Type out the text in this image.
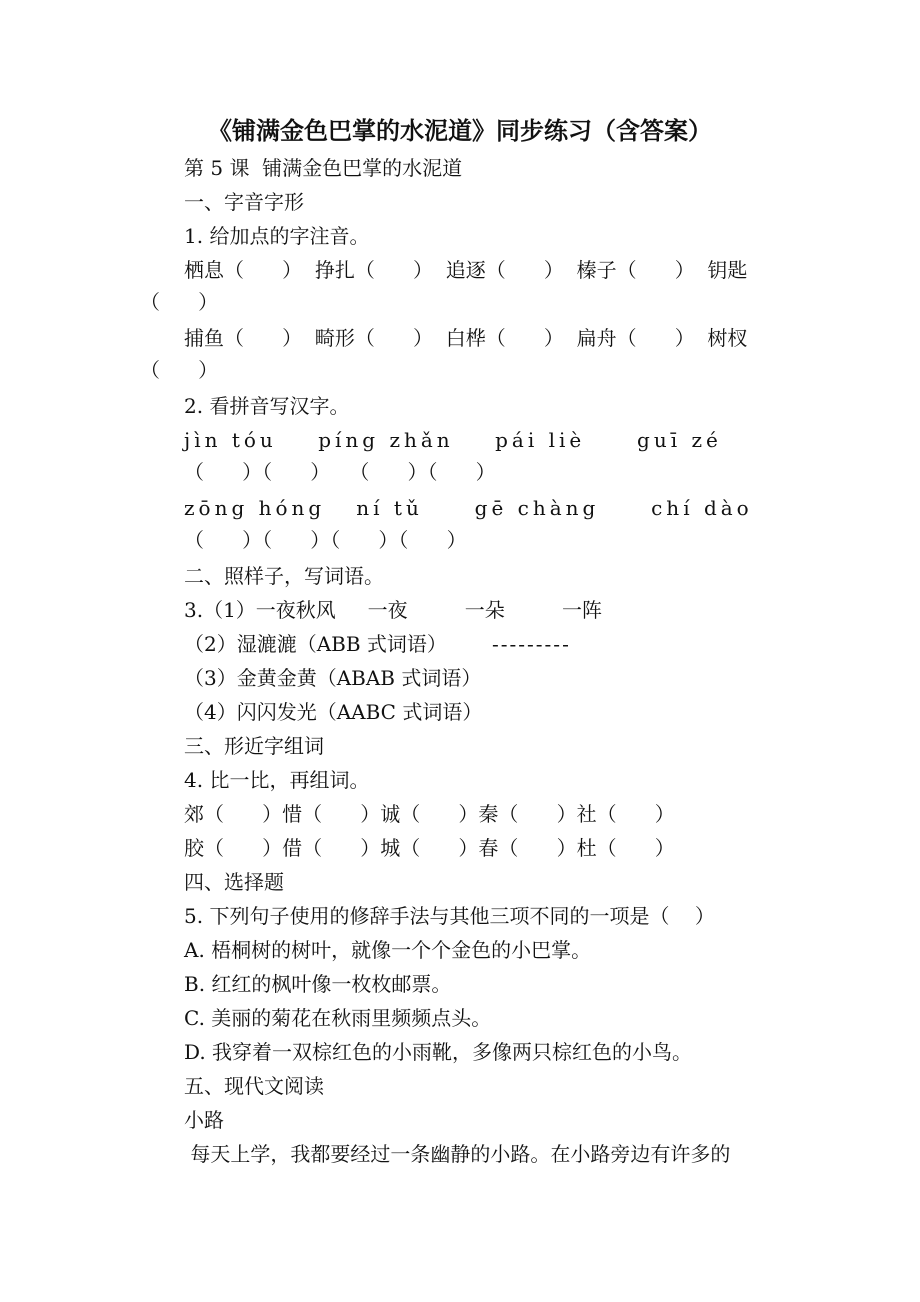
《铺满金色巴掌的水泥道》同步练习（含答案）
第 5 课  铺满金色巴掌的水泥道
一、字音字形
1. 给加点的字注音。
栖息（      ）  挣扎（      ）  追逐（      ）  榛子（      ）  钥匙
（      ）
捕鱼（      ）  畸形（      ）  白桦（      ）  扁舟（      ）  树杈
（      ）
2. 看拼音写汉字。
jìn tóu    píng zhǎn    pái liè     guī zé
（      ）（      ）   （      ）（      ）
zōng hóng   ní tǔ     gē chàng     chí dào
（      ）（      ）（      ）（      ）
二、照样子，写词语。
3.（1）一夜秋风     一夜         一朵         一阵
（2）湿漉漉（ABB 式词语） ---------
（3）金黄金黄（ABAB 式词语）
（4）闪闪发光（AABC 式词语）
三、形近字组词
4. 比一比，再组词。
郊（      ）惜（      ）诚（      ）秦（      ）社（      ）
胶（      ）借（      ）城（      ）春（      ）杜（      ）
四、选择题
5. 下列句子使用的修辞手法与其他三项不同的一项是（    ）
A. 梧桐树的树叶，就像一个个金色的小巴掌。
B. 红红的枫叶像一枚枚邮票。
C. 美丽的菊花在秋雨里频频点头。
D. 我穿着一双棕红色的小雨靴，多像两只棕红色的小鸟。
五、现代文阅读
小路
每天上学，我都要经过一条幽静的小路。在小路旁边有许多的
